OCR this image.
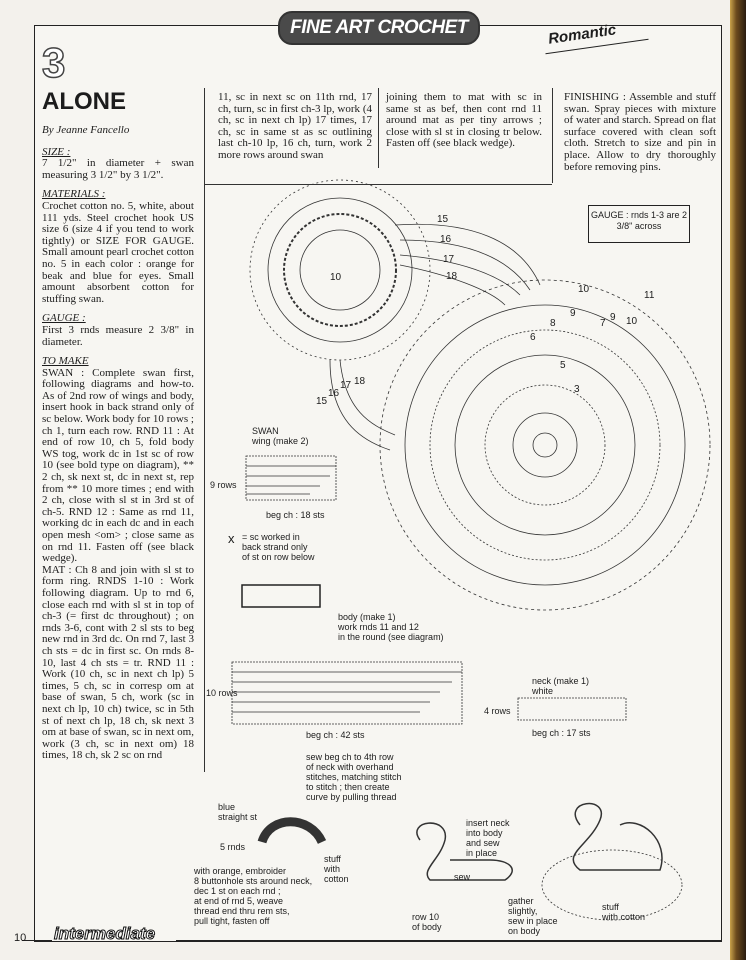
FINE ART CROCHET	Romantic
3
ALONE

By Jeanne Fancello

SIZE :

7 1/2" in diameter + swan measuring 3 1/2" by 3 1/2".

MATERIALS :

Crochet cotton no. 5, white, about 111 yds. Steel crochet hook US size 6 (size 4 if you tend to work tightly) or SIZE FOR GAUGE. Small amount pearl crochet cotton no. 5 in each color : orange for beak and blue for eyes. Small amount absorbent cotton for stuffing swan.

GAUGE :

First 3 rnds measure 2 3/8" in diameter.

TO MAKE

SWAN : Complete swan first, following diagrams and how-to. As of 2nd row of wings and body, insert hook in back strand only of sc below. Work body for 10 rows ; ch 1, turn each row. RND 11 : At end of row 10, ch 5, fold body WS tog, work dc in 1st sc of row 10 (see bold type on diagram), ** 2 ch, sk next st, dc in next st, rep from ** 10 more times ; end with 2 ch, close with sl st in 3rd st of ch-5. RND 12 : Same as rnd 11, working dc in each dc and in each open mesh <om> ; close same as on rnd 11. Fasten off (see black wedge).

MAT : Ch 8 and join with sl st to form ring. RNDS 1-10 : Work following diagram. Up to rnd 6, close each rnd with sl st in top of ch-3 (= first dc throughout) ; on rnds 3-6, cont with 2 sl sts to beg new rnd in 3rd dc. On rnd 7, last 3 ch sts = dc in first sc. On rnds 8-10, last 4 ch sts = tr. RND 11 : Work (10 ch, sc in next ch lp) 5 times, 5 ch, sc in corresp om at base of swan, 5 ch, work (sc in next ch lp, 10 ch) twice, sc in 5th st of next ch lp, 18 ch, sk next 3 om at base of swan, sc in next om, work (3 ch, sc in next om) 18 times, 18 ch, sk 2 sc on rnd

11, sc in next sc on 11th rnd, 17 ch, turn, sc in first ch-3 lp, work (4 ch, sc in next ch lp) 17 times, 17 ch, sc in same st as sc outlining last ch-10 lp, 16 ch, turn, work 2 more rows around swan
joining them to mat with sc in same st as bef, then cont rnd 11 around mat as per tiny arrows ; close with sl st in closing tr below. Fasten off (see black wedge).
FINISHING : Assemble and stuff swan. Spray pieces with mixture of water and starch. Spread on flat surface covered with clean soft cloth. Stretch to size and pin in place. Allow to dry thoroughly before removing pins.
GAUGE : rnds 1-3 are 2 3/8" across
15
16
17
18
15
16
17 18
10
10
11
9
8	7
6
5
3
10
9
SWAN
wing (make 2)
9 rows
beg ch : 18 sts
x = sc worked in
back strand only
of st on row below
body (make 1)
work rnds 11 and 12
in the round (see diagram)
10 rows
beg ch : 42 sts
neck (make 1)
white
4 rows
beg ch : 17 sts
sew beg ch to 4th row
of neck with overhand
stitches, matching stitch
to stitch ; then create
curve by pulling thread
blue
straight st
5 rnds
with orange, embroider
8 buttonhole sts around neck,
dec 1 st on each rnd ;
at end of rnd 5, weave
thread end thru rem sts,
pull tight, fasten off
stuff
with
cotton
insert neck
into body
and sew
in place
sew
row 10
of body
gather
slightly,
sew in place
on body
stuff
with cotton
10 intermediate
